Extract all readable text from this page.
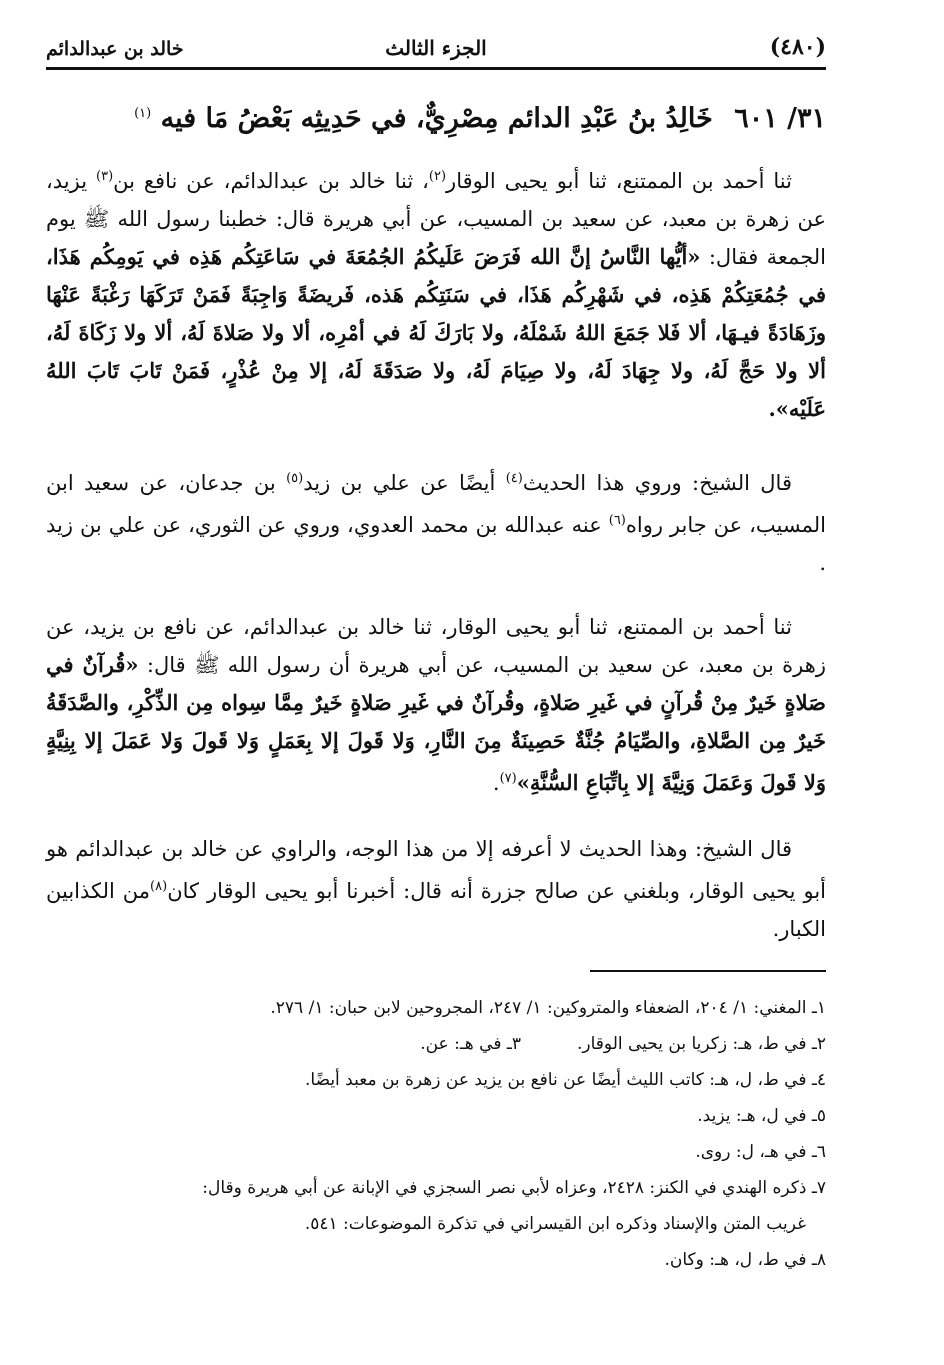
(٤٨٠)
الجزء الثالث
خالد بن عبدالدائم
٣١/ ٦٠١ خَالِدُ بنُ عَبْدِ الدائم مِصْرِيٌّ، في حَدِيثِه بَعْضُ مَا فيه $^{(١)}$
ثنا أحمد بن الممتنع، ثنا أبو يحيى الوقار$^{(٢)}$، ثنا خالد بن عبدالدائم، عن نافع بن$^{(٣)}$ يزيد، عن زهرة بن معبد، عن سعيد بن المسيب، عن أبي هريرة قال: خطبنا رسول الله ﷺ يوم الجمعة فقال: «أيُّها النَّاسُ إنَّ الله فَرَضَ عَلَيكُمُ الجُمُعَةَ في سَاعَتِكُم هَذِه في يَومِكُم هَذَا، في جُمُعَتِكُمْ هَذِه، في شَهْرِكُم هَذَا، في سَنَتِكُم هَذه، فَريضَةً وَاجِبَةً فَمَنْ تَرَكَهَا رَغْبَةً عَنْهَا وزَهَادَةً فيـهَا، ألا فَلا جَمَعَ اللهُ شَمْلَهُ، ولا بَارَكَ لَهُ في أمْرِه، ألا ولا صَلاةَ لَهُ، ألا ولا زَكَاةَ لَهُ، ألا ولا حَجَّ لَهُ، ولا جِهَادَ لَهُ، ولا صِيَامَ لَهُ، ولا صَدَقَةَ لَهُ، إلا مِنْ عُذْرٍ، فَمَنْ تَابَ تَابَ اللهُ عَلَيْه».
قال الشيخ: وروي هذا الحديث$^{(٤)}$ أيضًا عن علي بن زيد$^{(٥)}$ بن جدعان، عن سعيد ابن المسيب، عن جابر رواه$^{(٦)}$ عنه عبدالله بن محمد العدوي، وروي عن الثوري، عن علي بن زيد .
ثنا أحمد بن الممتنع، ثنا أبو يحيى الوقار، ثنا خالد بن عبدالدائم، عن نافع بن يزيد، عن زهرة بن معبد، عن سعيد بن المسيب، عن أبي هريرة أن رسول الله ﷺ قال: «قُرآنٌ في صَلاةٍ خَيرٌ مِنْ قُرآنٍ في غَيرِ صَلاةٍ، وقُرآنٌ في غَيرِ صَلاةٍ خَيرٌ مِمَّا سِواه مِن الذِّكْرِ، والصَّدَقَةُ خَيرٌ مِن الصَّلاةِ، والصِّيَامُ جُنَّةٌ حَصِينَةٌ مِنَ النَّارِ، وَلا قَولَ إلا بِعَمَلٍ وَلا قَولَ وَلا عَمَلَ إلا بِنِيَّةٍ وَلا قَولَ وَعَمَلَ وَنِيَّةَ إلا بِاتِّبَاعِ السُّنَّةِ»$^{(٧)}$.
قال الشيخ: وهذا الحديث لا أعرفه إلا من هذا الوجه، والراوي عن خالد بن عبدالدائم هو أبو يحيى الوقار، وبلغني عن صالح جزرة أنه قال: أخبرنا أبو يحيى الوقار كان$^{(٨)}$من الكذابين الكبار.
١ـ المغني: ١/ ٢٠٤، الضعفاء والمتروكين: ١/ ٢٤٧، المجروحين لابن حبان: ١/ ٢٧٦.
٢ـ في ط، هـ: زكريا بن يحيى الوقار.
٣ـ في هـ: عن.
٤ـ في ط، ل، هـ: كاتب الليث أيضًا عن نافع بن يزيد عن زهرة بن معبد أيضًا.
٥ـ في ل، هـ: يزيد.
٦ـ في هـ، ل: روى.
٧ـ ذكره الهندي في الكنز: ٢٤٢٨، وعزاه لأبي نصر السجزي في الإبانة عن أبي هريرة وقال:
غريب المتن والإسناد وذكره ابن القيسراني في تذكرة الموضوعات: ٥٤١.
٨ـ في ط، ل، هـ: وكان.
